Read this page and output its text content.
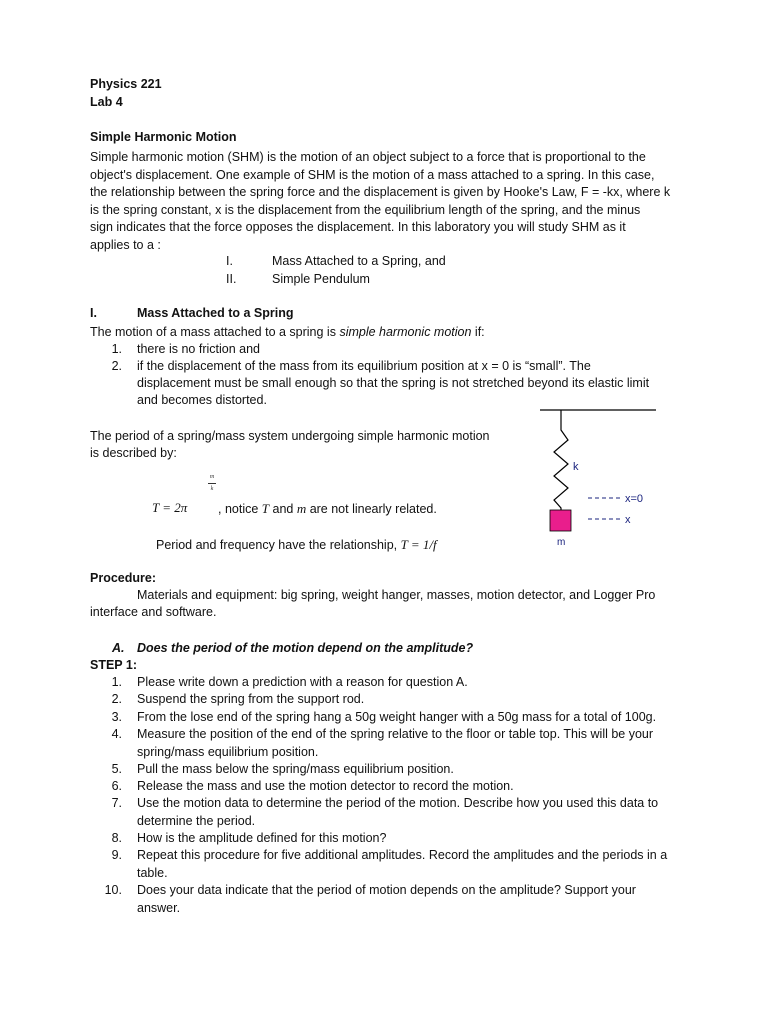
Physics 221
Lab 4
Simple Harmonic Motion
Simple harmonic motion (SHM) is the motion of an object subject to a force that is proportional to the
object's displacement. One example of SHM is the motion of a mass attached to a spring. In this case,
the relationship between the spring force and the displacement is given by Hooke's Law, F = -kx, where k
is the spring constant, x is the displacement from the equilibrium length of the spring, and the minus
sign indicates that the force opposes the displacement. In this laboratory you will study SHM as it
applies to a :
I.	Mass Attached to a Spring, and
II.	Simple Pendulum
I.	Mass Attached to a Spring
The motion of a mass attached to a spring is simple harmonic motion if:
1. there is no friction and
2. if the displacement of the mass from its equilibrium position at x = 0 is “small”. The
displacement must be small enough so that the spring is not stretched beyond its elastic limit
and becomes distorted.
The period of a spring/mass system undergoing simple harmonic motion
is described by:
T = 2π
m
k
, notice T and m are not linearly related.
Period and frequency have the relationship, T = 1/f
k
x=0
x
m
Procedure:
Materials and equipment: big spring, weight hanger, masses, motion detector, and Logger Pro
interface and software.
A. Does the period of the motion depend on the amplitude?
STEP 1:
1. Please write down a prediction with a reason for question A.
2. Suspend the spring from the support rod.
3. From the lose end of the spring hang a 50g weight hanger with a 50g mass for a total of 100g.
4. Measure the position of the end of the spring relative to the floor or table top. This will be your
spring/mass equilibrium position.
5. Pull the mass below the spring/mass equilibrium position.
6. Release the mass and use the motion detector to record the motion.
7. Use the motion data to determine the period of the motion. Describe how you used this data to
determine the period.
8. How is the amplitude defined for this motion?
9. Repeat this procedure for five additional amplitudes. Record the amplitudes and the periods in a
table.
10. Does your data indicate that the period of motion depends on the amplitude? Support your
answer.
